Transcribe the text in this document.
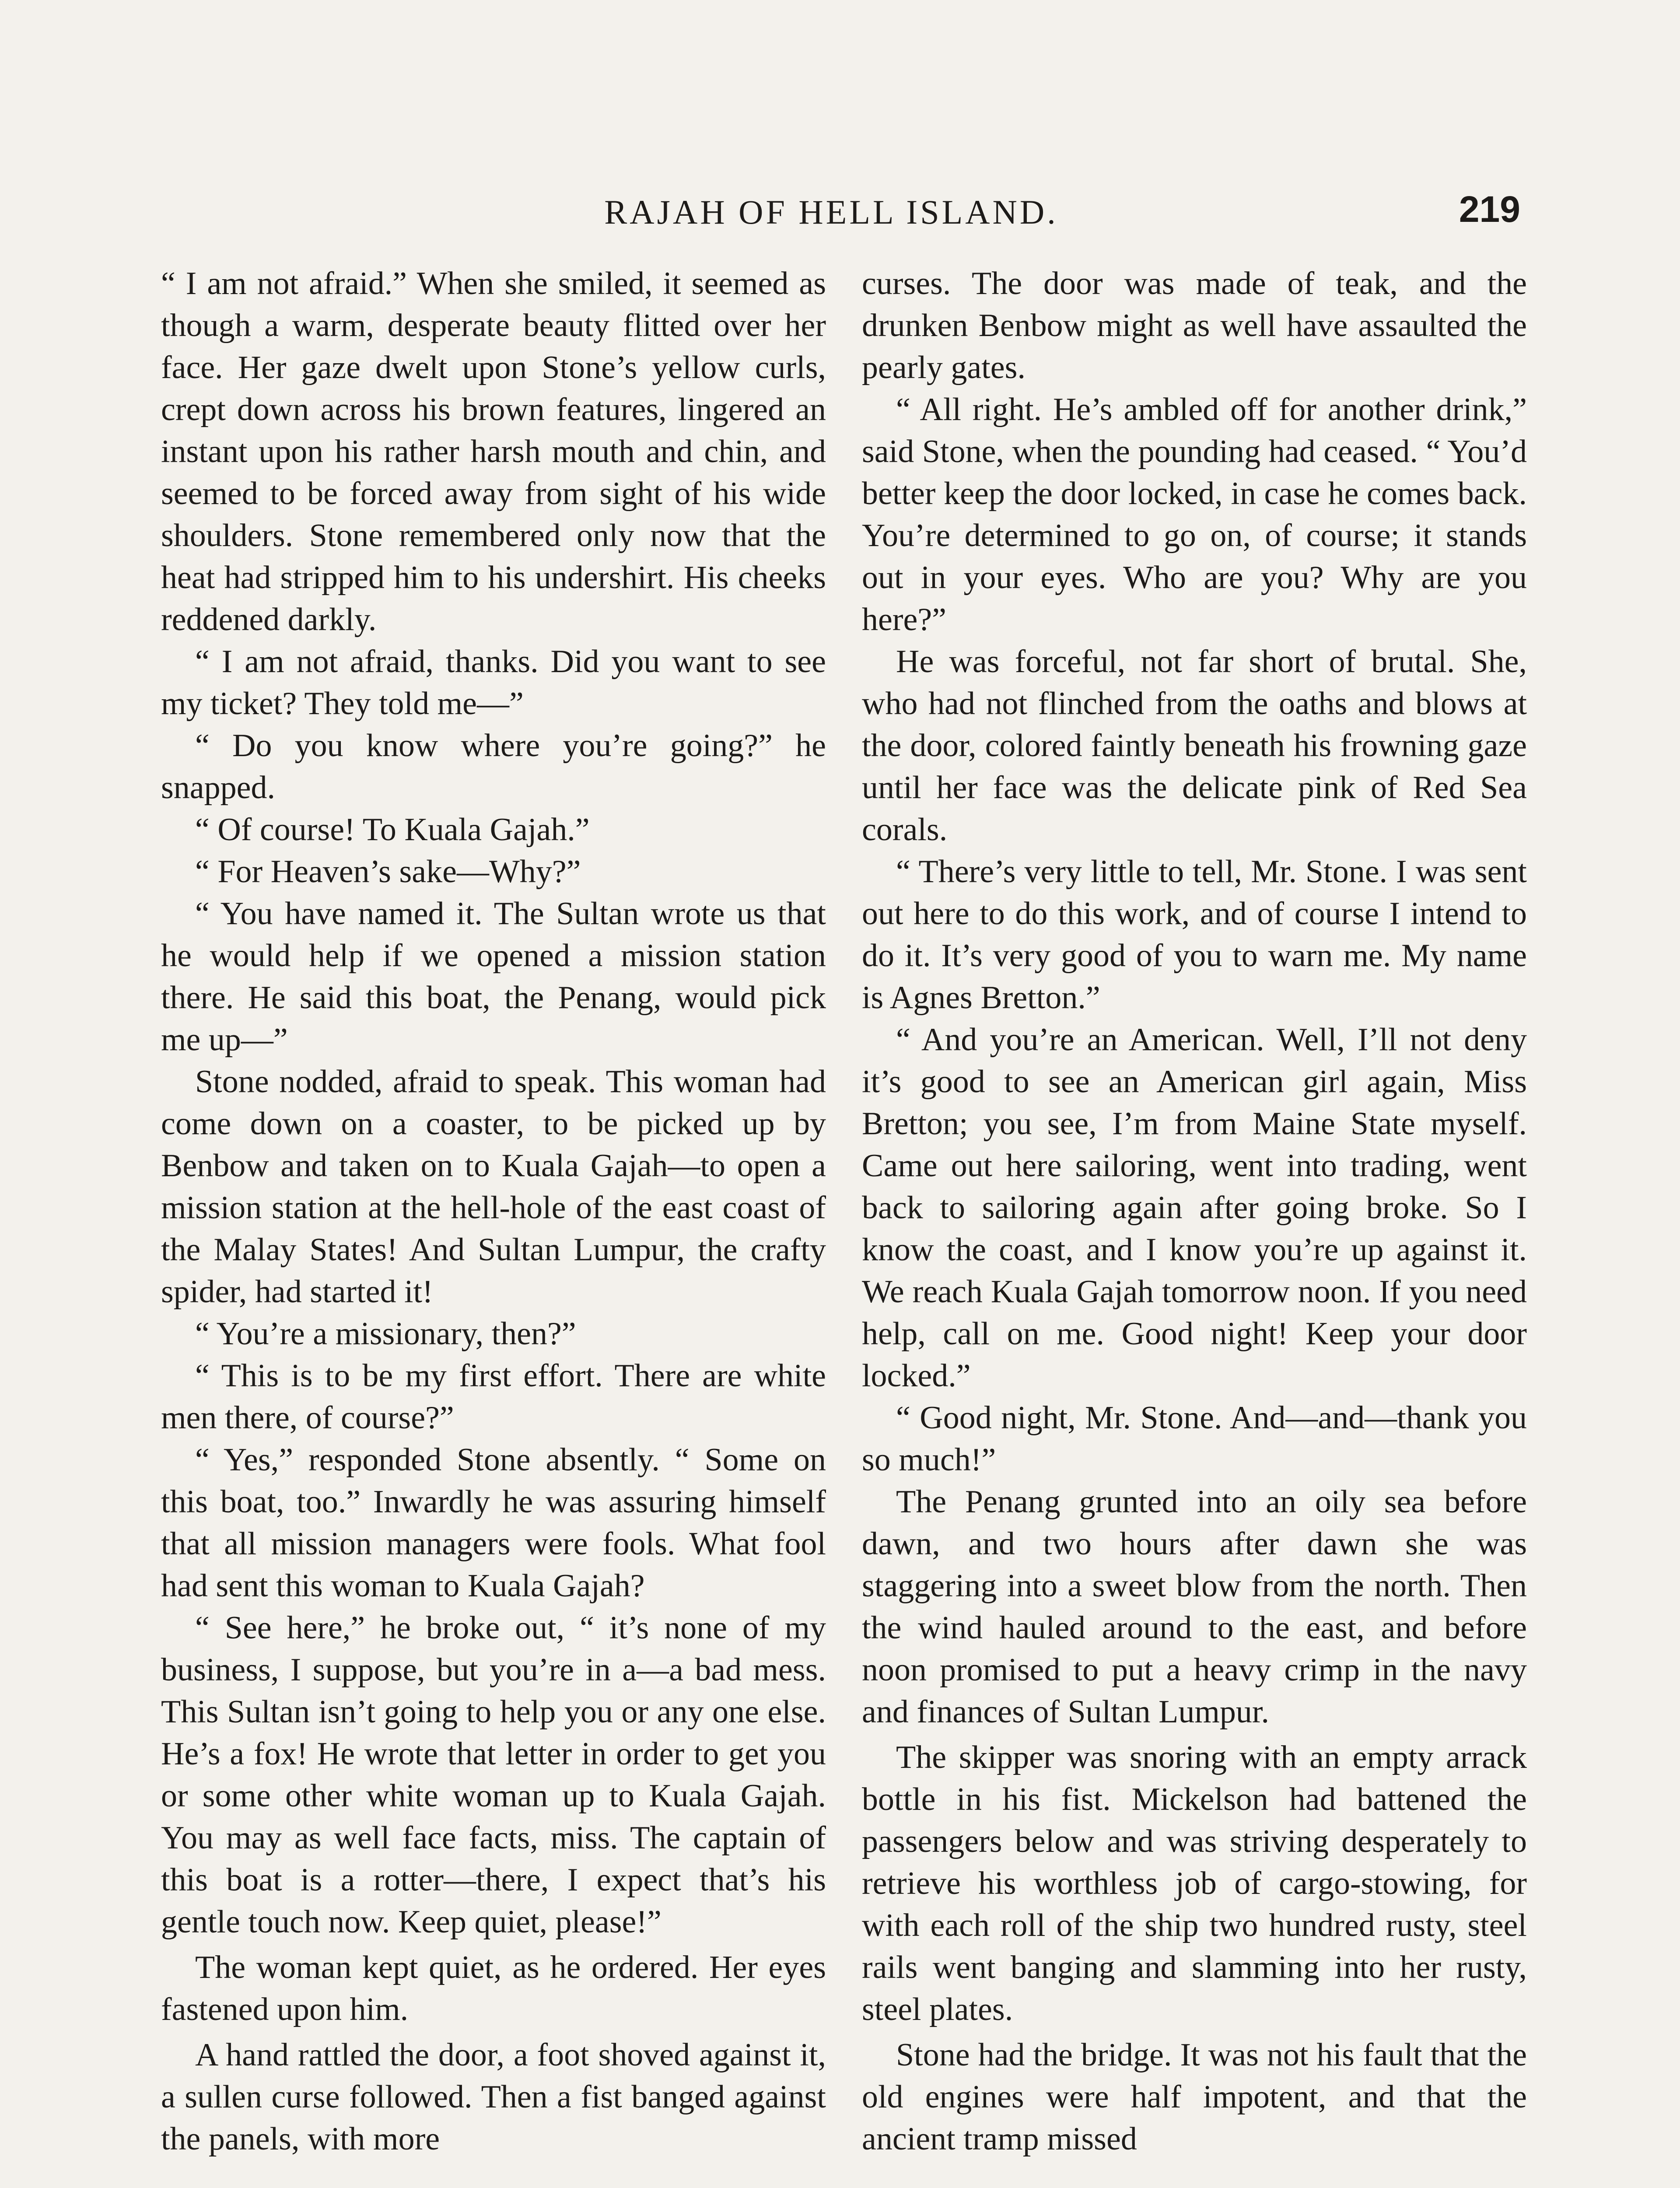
RAJAH OF HELL ISLAND.	219

“ I am not afraid.” When she smiled, it seemed as though a warm, desperate beauty flitted over her face. Her gaze dwelt upon Stone’s yellow curls, crept down across his brown features, lingered an instant upon his rather harsh mouth and chin, and seemed to be forced away from sight of his wide shoulders. Stone remembered only now that the heat had stripped him to his undershirt. His cheeks reddened darkly.

“ I am not afraid, thanks. Did you want to see my ticket? They told me—”

“ Do you know where you’re going?” he snapped.

“ Of course! To Kuala Gajah.”

“ For Heaven’s sake—Why?”

“ You have named it. The Sultan wrote us that he would help if we opened a mission station there. He said this boat, the Penang, would pick me up—”

Stone nodded, afraid to speak. This woman had come down on a coaster, to be picked up by Benbow and taken on to Kuala Gajah—to open a mission station at the hell-hole of the east coast of the Malay States! And Sultan Lumpur, the crafty spider, had started it!

“ You’re a missionary, then?”

“ This is to be my first effort. There are white men there, of course?”

“ Yes,” responded Stone absently. “ Some on this boat, too.” Inwardly he was assuring himself that all mission managers were fools. What fool had sent this woman to Kuala Gajah?

“ See here,” he broke out, “ it’s none of my business, I suppose, but you’re in a—a bad mess. This Sultan isn’t going to help you or any one else. He’s a fox! He wrote that letter in order to get you or some other white woman up to Kuala Gajah. You may as well face facts, miss. The captain of this boat is a rotter—there, I expect that’s his gentle touch now. Keep quiet, please!”

The woman kept quiet, as he ordered. Her eyes fastened upon him.

A hand rattled the door, a foot shoved against it, a sullen curse followed. Then a fist banged against the panels, with more

curses. The door was made of teak, and the drunken Benbow might as well have assaulted the pearly gates.

“ All right. He’s ambled off for another drink,” said Stone, when the pounding had ceased. “ You’d better keep the door locked, in case he comes back. You’re determined to go on, of course; it stands out in your eyes. Who are you? Why are you here?”

He was forceful, not far short of brutal. She, who had not flinched from the oaths and blows at the door, colored faintly beneath his frowning gaze until her face was the delicate pink of Red Sea corals.

“ There’s very little to tell, Mr. Stone. I was sent out here to do this work, and of course I intend to do it. It’s very good of you to warn me. My name is Agnes Bretton.”

“ And you’re an American. Well, I’ll not deny it’s good to see an American girl again, Miss Bretton; you see, I’m from Maine State myself. Came out here sailoring, went into trading, went back to sailoring again after going broke. So I know the coast, and I know you’re up against it. We reach Kuala Gajah tomorrow noon. If you need help, call on me. Good night! Keep your door locked.”

“ Good night, Mr. Stone. And—and—thank you so much!”

The Penang grunted into an oily sea before dawn, and two hours after dawn she was staggering into a sweet blow from the north. Then the wind hauled around to the east, and before noon promised to put a heavy crimp in the navy and finances of Sultan Lumpur.

The skipper was snoring with an empty arrack bottle in his fist. Mickelson had battened the passengers below and was striving desperately to retrieve his worthless job of cargo-stowing, for with each roll of the ship two hundred rusty, steel rails went banging and slamming into her rusty, steel plates.

Stone had the bridge. It was not his fault that the old engines were half impotent, and that the ancient tramp missed
